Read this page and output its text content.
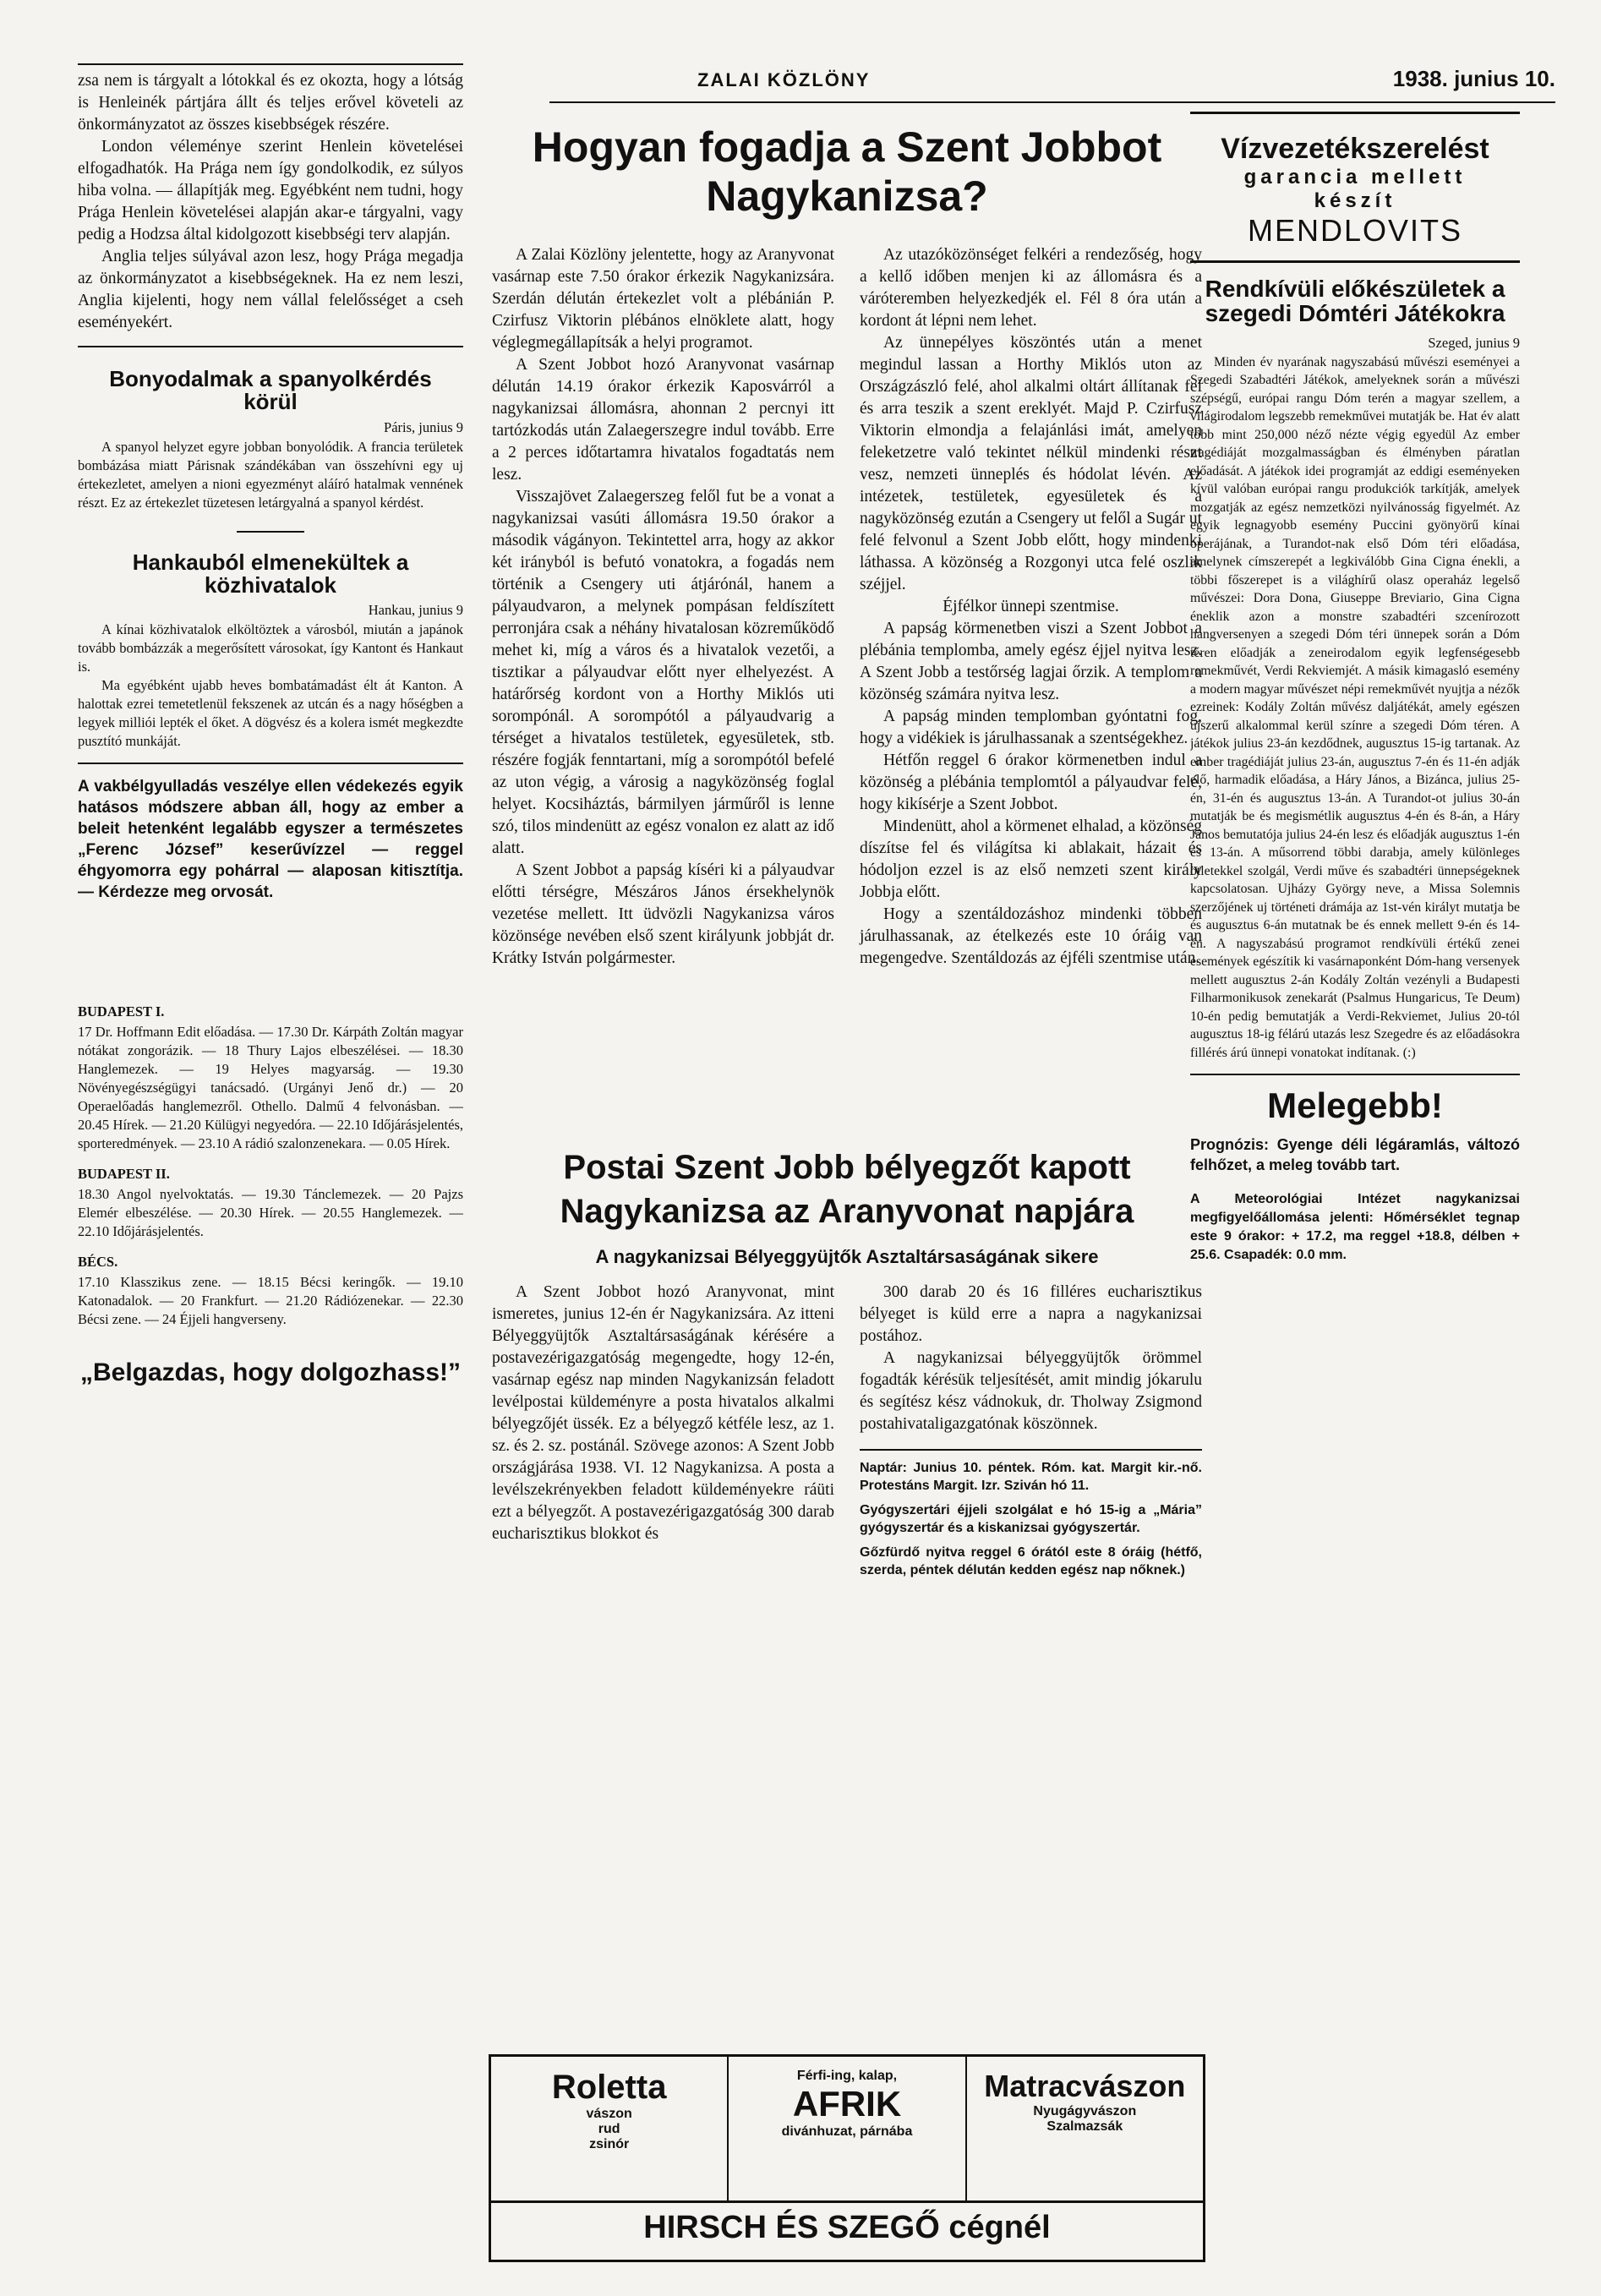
ZALAI KÖZLÖNY	1938. junius 10.

zsa nem is tárgyalt a lótokkal és ez okozta, hogy a lótság is Henleinék pártjára állt és teljes erővel követeli az önkormányzatot az összes kisebbségek részére.

London véleménye szerint Henlein követelései elfogadhatók. Ha Prága nem így gondolkodik, ez súlyos hiba volna. — állapítják meg. Egyébként nem tudni, hogy Prága Henlein követelései alapján akar-e tárgyalni, vagy pedig a Hodzsa által kidolgozott kisebbségi terv alapján.

Anglia teljes súlyával azon lesz, hogy Prága megadja az önkormányzatot a kisebbségeknek. Ha ez nem leszi, Anglia kijelenti, hogy nem vállal felelősséget a cseh eseményekért.

Bonyodalmak a spanyolkérdés körül
Páris, junius 9

A spanyol helyzet egyre jobban bonyolódik. A francia területek bombázása miatt Párisnak szándékában van összehívni egy uj értekezletet, amelyen a nioni egyezményt aláíró hatalmak vennének részt. Ez az értekezlet tüzetesen letárgyalná a spanyol kérdést.

Hankauból elmenekültek a közhivatalok
Hankau, junius 9

A kínai közhivatalok elköltöztek a városból, miután a japánok tovább bombázzák a megerősített városokat, így Kantont és Hankaut is.

Ma egyébként ujabb heves bombatámadást élt át Kanton. A halottak ezrei temetetlenül fekszenek az utcán és a nagy hőségben a legyek milliói lepték el őket. A dögvész és a kolera ismét megkezdte pusztító munkáját.

A vakbélgyulladás veszélye ellen védekezés egyik hatásos módszere abban áll, hogy az ember a beleit hetenként legalább egyszer a természetes „Ferenc József” keserűvízzel — reggel éhgyomorra egy pohárral — alaposan kitisztítja. — Kérdezze meg orvosát.
BUDAPEST I.

17 Dr. Hoffmann Edit előadása. — 17.30 Dr. Kárpáth Zoltán magyar nótákat zongorázik. — 18 Thury Lajos elbeszélései. — 18.30 Hanglemezek. — 19 Helyes magyarság. — 19.30 Növényegészségügyi tanácsadó. (Urgányi Jenő dr.) — 20 Operaelőadás hanglemezről. Othello. Dalmű 4 felvonásban. — 20.45 Hírek. — 21.20 Külügyi negyedóra. — 22.10 Időjárásjelentés, sporteredmények. — 23.10 A rádió szalonzenekara. — 0.05 Hírek.

BUDAPEST II.

18.30 Angol nyelvoktatás. — 19.30 Tánclemezek. — 20 Pajzs Elemér elbeszélése. — 20.30 Hírek. — 20.55 Hanglemezek. — 22.10 Időjárásjelentés.

BÉCS.

17.10 Klasszikus zene. — 18.15 Bécsi keringők. — 19.10 Katonadalok. — 20 Frankfurt. — 21.20 Rádiózenekar. — 22.30 Bécsi zene. — 24 Éjjeli hangverseny.

„Belgazdas, hogy dolgozhass!”
Hogyan fogadja a Szent Jobbot Nagykanizsa?

A Zalai Közlöny jelentette, hogy az Aranyvonat vasárnap este 7.50 órakor érkezik Nagykanizsára. Szerdán délután értekezlet volt a plébánián P. Czirfusz Viktorin plébános elnöklete alatt, hogy véglegmegállapítsák a helyi programot.

A Szent Jobbot hozó Aranyvonat vasárnap délután 14.19 órakor érkezik Kaposvárról a nagykanizsai állomásra, ahonnan 2 percnyi itt tartózkodás után Zalaegerszegre indul tovább. Erre a 2 perces időtartamra hivatalos fogadtatás nem lesz.

Visszajövet Zalaegerszeg felől fut be a vonat a nagykanizsai vasúti állomásra 19.50 órakor a második vágányon. Tekintettel arra, hogy az akkor két irányból is befutó vonatokra, a fogadás nem történik a Csengery uti átjárónál, hanem a pályaudvaron, a melynek pompásan feldíszített perronjára csak a néhány hivatalosan közreműködő mehet ki, míg a város és a hivatalok vezetői, a tisztikar a pályaudvar előtt nyer elhelyezést. A határőrség kordont von a Horthy Miklós uti sorompónál. A sorompótól a pályaudvarig a térséget a hivatalos testületek, egyesületek, stb. részére fogják fenntartani, míg a sorompótól befelé az uton végig, a városig a nagyközönség foglal helyet. Kocsiháztás, bármilyen járműről is lenne szó, tilos mindenütt az egész vonalon ez alatt az idő alatt.

A Szent Jobbot a papság kíséri ki a pályaudvar előtti térségre, Mészáros János érsekhelynök vezetése mellett. Itt üdvözli Nagykanizsa város közönsége nevében első szent királyunk jobbját dr. Krátky István polgármester.

Az utazóközönséget felkéri a rendezőség, hogy a kellő időben menjen ki az állomásra és a váróteremben helyezkedjék el. Fél 8 óra után a kordont át lépni nem lehet.

Az ünnepélyes köszöntés után a menet megindul lassan a Horthy Miklós uton az Országzászló felé, ahol alkalmi oltárt állítanak fel és arra teszik a szent ereklyét. Majd P. Czirfusz Viktorin elmondja a felajánlási imát, amelyen feleketzetre való tekintet nélkül mindenki részt vesz, nemzeti ünneplés és hódolat lévén. Az intézetek, testületek, egyesületek és a nagyközönség ezután a Csengery ut felől a Sugár ut felé felvonul a Szent Jobb előtt, hogy mindenki láthassa. A közönség a Rozgonyi utca felé oszlik széjjel.

Éjfélkor ünnepi szentmise.

A papság körmenetben viszi a Szent Jobbot a plébánia templomba, amely egész éjjel nyitva lesz. A Szent Jobb a testőrség lagjai őrzik. A templom a közönség számára nyitva lesz.

A papság minden templomban gyóntatni fog, hogy a vidékiek is járulhassanak a szentségekhez.

Hétfőn reggel 6 órakor körmenetben indul a közönség a plébánia templomtól a pályaudvar felé, hogy kikísérje a Szent Jobbot.

Mindenütt, ahol a körmenet elhalad, a közönség díszítse fel és világítsa ki ablakait, házait és hódoljon ezzel is az első nemzeti szent király Jobbja előtt.

Hogy a szentáldozáshoz mindenki többen járulhassanak, az ételkezés este 10 óráig van megengedve. Szentáldozás az éjféli szentmise után.

Postai Szent Jobb bélyegzőt kapott Nagykanizsa az Aranyvonat napjára
A nagykanizsai Bélyeggyüjtők Asztaltársaságának sikere

A Szent Jobbot hozó Aranyvonat, mint ismeretes, junius 12-én ér Nagykanizsára. Az itteni Bélyeggyüjtők Asztaltársaságának kérésére a postavezérigazgatóság megengedte, hogy 12-én, vasárnap egész nap minden Nagykanizsán feladott levélpostai küldeményre a posta hivatalos alkalmi bélyegzőjét üssék. Ez a bélyegző kétféle lesz, az 1. sz. és 2. sz. postánál. Szövege azonos: A Szent Jobb országjárása 1938. VI. 12 Nagykanizsa. A posta a levélszekrényekben feladott küldeményekre ráüti ezt a bélyegzőt. A postavezérigazgatóság 300 darab eucharisztikus blokkot és

300 darab 20 és 16 filléres eucharisztikus bélyeget is küld erre a napra a nagykanizsai postához.

A nagykanizsai bélyeggyüjtők örömmel fogadták kérésük teljesítését, amit mindig jókarulu és segítész kész vádnokuk, dr. Tholway Zsigmond postahivataligazgatónak köszönnek.

Naptár: Junius 10. péntek. Róm. kat. Margit kir.-nő. Protestáns Margit. Izr. Sziván hó 11.
Gyógyszertári éjjeli szolgálat e hó 15-ig a „Mária” gyógyszertár és a kiskanizsai gyógyszertár.
Gőzfürdő nyitva reggel 6 órától este 8 óráig (hétfő, szerda, péntek délután kedden egész nap nőknek.)
Roletta
vászon
rud
zsinór
Férfi-ing, kalap,
AFRIK
divánhuzat, párnába
Matracvászon
Nyugágyvászon
Szalmazsák
HIRSCH ÉS SZEGŐ cégnél
Vízvezetékszerelést
garancia mellett
készít
MENDLOVITS
Rendkívüli előkészületek a szegedi Dómtéri Játékokra
Szeged, junius 9

Minden év nyarának nagyszabású művészi eseményei a Szegedi Szabadtéri Játékok, amelyeknek során a művészi szépségű, európai rangu Dóm terén a magyar szellem, a világirodalom legszebb remekművei mutatják be. Hat év alatt több mint 250,000 néző nézte végig egyedül Az ember tragédiáját mozgalmasságban és élményben páratlan előadását. A játékok idei programját az eddigi eseményeken kívül valóban európai rangu produkciók tarkítják, amelyek mozgatják az egész nemzetközi nyilvánosság figyelmét. Az egyik legnagyobb esemény Puccini gyönyörű kínai operájának, a Turandot-nak első Dóm téri előadása, amelynek címszerepét a legkiválóbb Gina Cigna énekli, a többi főszerepet is a világhírű olasz operaház legelső művészei: Dora Dona, Giuseppe Breviario, Gina Cigna éneklik azon a monstre szabadtéri szcenírozott hangversenyen a szegedi Dóm téri ünnepek során a Dóm téren előadják a zeneirodalom egyik legfenségesebb remekművét, Verdi Rekviemjét. A másik kimagasló esemény a modern magyar művészet népi remekművét nyujtja a nézők ezreinek: Kodály Zoltán művész daljátékát, amely egészen ujszerű alkalommal kerül színre a szegedi Dóm téren. A játékok julius 23-án kezdődnek, augusztus 15-ig tartanak. Az ember tragédiáját julius 23-án, augusztus 7-én és 11-én adják elő, harmadik előadása, a Háry János, a Bizánca, julius 25-én, 31-én és augusztus 13-án. A Turandot-ot julius 30-án mutatják be és megismétlik augusztus 4-én és 8-án, a Háry János bemutatója julius 24-én lesz és előadják augusztus 1-én és 13-án. A műsorrend többi darabja, amely különleges ötletekkel szolgál, Verdi műve és szabadtéri ünnepségeknek kapcsolatosan. Ujházy György neve, a Missa Solemnis szerzőjének uj történeti drámája az 1st-vén királyt mutatja be és augusztus 6-án mutatnak be és ennek mellett 9-én és 14-én. A nagyszabású programot rendkívüli értékű zenei események egészítik ki vasárnaponként Dóm-hang versenyek mellett augusztus 2-án Kodály Zoltán vezényli a Budapesti Filharmonikusok zenekarát (Psalmus Hungaricus, Te Deum) 10-én pedig bemutatják a Verdi-Rekviemet, Julius 20-tól augusztus 18-ig félárú utazás lesz Szegedre és az előadásokra fillérés árú ünnepi vonatokat indítanak. (:)

Melegebb!
Prognózis: Gyenge déli légáramlás, változó felhőzet, a meleg tovább tart.
A Meteorológiai Intézet nagykanizsai megfigyelőállomása jelenti: Hőmérséklet tegnap este 9 órakor: + 17.2, ma reggel +18.8, délben + 25.6. Csapadék: 0.0 mm.
